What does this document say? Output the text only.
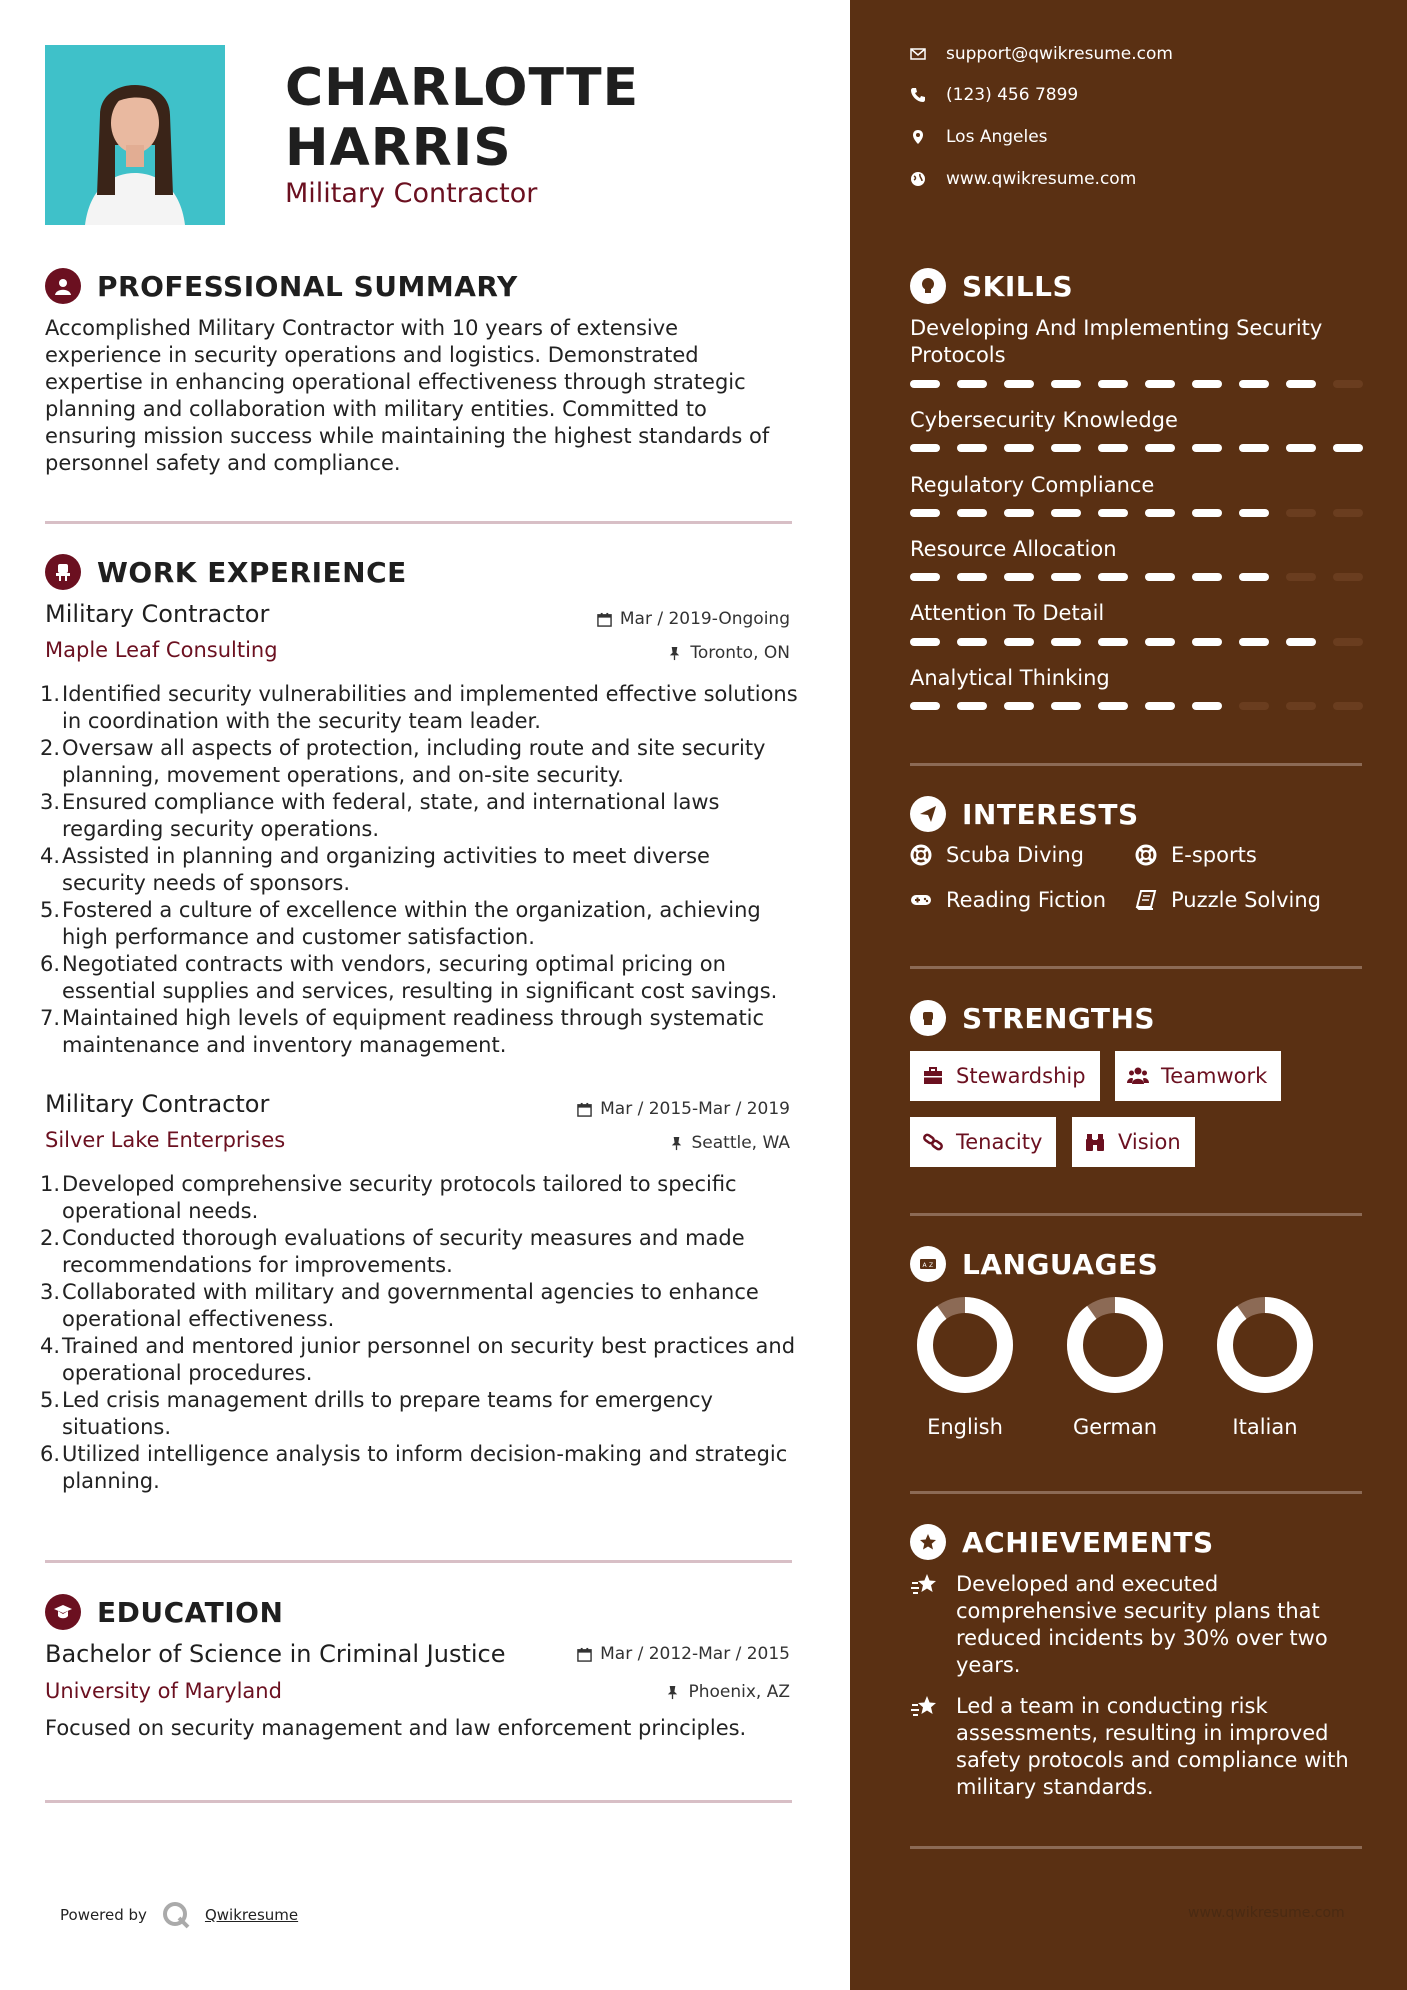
CHARLOTTE
HARRIS
Military Contractor
PROFESSIONAL SUMMARY
Accomplished Military Contractor with 10 years of extensive experience in security operations and logistics. Demonstrated expertise in enhancing operational effectiveness through strategic planning and collaboration with military entities. Committed to ensuring mission success while maintaining the highest standards of personnel safety and compliance.
WORK EXPERIENCE
Military Contractor	Mar / 2019-Ongoing
Maple Leaf Consulting	Toronto, ON
1. Identified security vulnerabilities and implemented effective solutions in coordination with the security team leader.
2. Oversaw all aspects of protection, including route and site security planning, movement operations, and on-site security.
3. Ensured compliance with federal, state, and international laws regarding security operations.
4. Assisted in planning and organizing activities to meet diverse security needs of sponsors.
5. Fostered a culture of excellence within the organization, achieving high performance and customer satisfaction.
6. Negotiated contracts with vendors, securing optimal pricing on essential supplies and services, resulting in significant cost savings.
7. Maintained high levels of equipment readiness through systematic maintenance and inventory management.
Military Contractor	Mar / 2015-Mar / 2019
Silver Lake Enterprises	Seattle, WA
1. Developed comprehensive security protocols tailored to specific operational needs.
2. Conducted thorough evaluations of security measures and made recommendations for improvements.
3. Collaborated with military and governmental agencies to enhance operational effectiveness.
4. Trained and mentored junior personnel on security best practices and operational procedures.
5. Led crisis management drills to prepare teams for emergency situations.
6. Utilized intelligence analysis to inform decision-making and strategic planning.
EDUCATION
Bachelor of Science in Criminal Justice	Mar / 2012-Mar / 2015
University of Maryland	Phoenix, AZ
Focused on security management and law enforcement principles.
Powered by	Qwikresume
support@qwikresume.com
(123) 456 7899
Los Angeles
www.qwikresume.com
SKILLS
Developing And Implementing Security Protocols
Cybersecurity Knowledge
Regulatory Compliance
Resource Allocation
Attention To Detail
Analytical Thinking
INTERESTS
Scuba Diving	E-sports
Reading Fiction	Puzzle Solving
STRENGTHS
Stewardship	Teamwork
Tenacity	Vision
A Z LANGUAGES
English	German	Italian
ACHIEVEMENTS
Developed and executed comprehensive security plans that reduced incidents by 30% over two years.
Led a team in conducting risk assessments, resulting in improved safety protocols and compliance with military standards.
www.qwikresume.com
